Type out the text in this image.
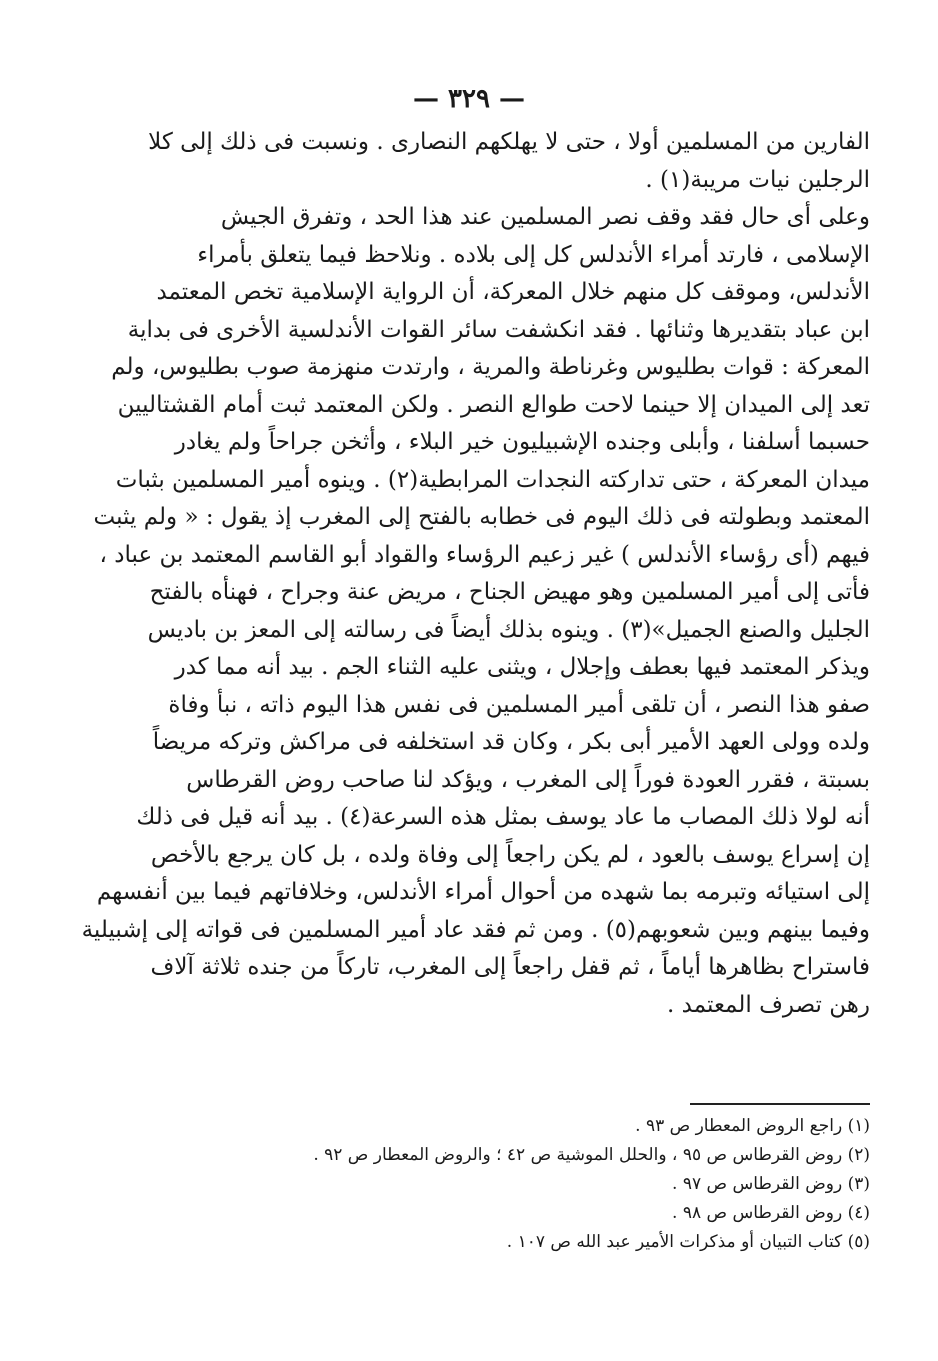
— ٣٢٩ —
الفارين من المسلمين أولا ، حتى لا يهلكهم النصارى . ونسبت فى ذلك إلى كلا
الرجلين نيات مريبة(١) .
وعلى أى حال فقد وقف نصر المسلمين عند هذا الحد ، وتفرق الجيش
الإسلامى ، فارتد أمراء الأندلس كل إلى بلاده . ونلاحظ فيما يتعلق بأمراء
الأندلس، وموقف كل منهم خلال المعركة، أن الرواية الإسلامية تخص المعتمد
ابن عباد بتقديرها وثنائها . فقد انكشفت سائر القوات الأندلسية الأخرى فى بداية
المعركة : قوات بطليوس وغرناطة والمرية ، وارتدت منهزمة صوب بطليوس، ولم
تعد إلى الميدان إلا حينما لاحت طوالع النصر . ولكن المعتمد ثبت أمام القشتاليين
حسبما أسلفنا ، وأبلى وجنده الإشبيليون خير البلاء ، وأثخن جراحاً ولم يغادر
ميدان المعركة ، حتى تداركته النجدات المرابطية(٢) . وينوه أمير المسلمين بثبات
المعتمد وبطولته فى ذلك اليوم فى خطابه بالفتح إلى المغرب إذ يقول : « ولم يثبت
فيهم (أى رؤساء الأندلس ) غير زعيم الرؤساء والقواد أبو القاسم المعتمد بن عباد ،
فأتى إلى أمير المسلمين وهو مهيض الجناح ، مريض عنة وجراح ، فهنأه بالفتح
الجليل والصنع الجميل»(٣) . وينوه بذلك أيضاً فى رسالته إلى المعز بن باديس
ويذكر المعتمد فيها بعطف وإجلال ، ويثنى عليه الثناء الجم . بيد أنه مما كدر
صفو هذا النصر ، أن تلقى أمير المسلمين فى نفس هذا اليوم ذاته ، نبأ وفاة
ولده وولى العهد الأمير أبى بكر ، وكان قد استخلفه فى مراكش وتركه مريضاً
بسبتة ، فقرر العودة فوراً إلى المغرب ، ويؤكد لنا صاحب روض القرطاس
أنه لولا ذلك المصاب ما عاد يوسف بمثل هذه السرعة(٤) . بيد أنه قيل فى ذلك
إن إسراع يوسف بالعود ، لم يكن راجعاً إلى وفاة ولده ، بل كان يرجع بالأخص
إلى استيائه وتبرمه بما شهده من أحوال أمراء الأندلس، وخلافاتهم فيما بين أنفسهم
وفيما بينهم وبين شعوبهم(٥) . ومن ثم فقد عاد أمير المسلمين فى قواته إلى إشبيلية
فاستراح بظاهرها أياماً ، ثم قفل راجعاً إلى المغرب، تاركاً من جنده ثلاثة آلاف
رهن تصرف المعتمد .
(١) راجع الروض المعطار ص ٩٣ .
(٢) روض القرطاس ص ٩٥ ، والحلل الموشية ص ٤٢ ؛ والروض المعطار ص ٩٢ .
(٣) روض القرطاس ص ٩٧ .
(٤) روض القرطاس ص ٩٨ .
(٥) كتاب التبيان أو مذكرات الأمير عبد الله ص ١٠٧ .
